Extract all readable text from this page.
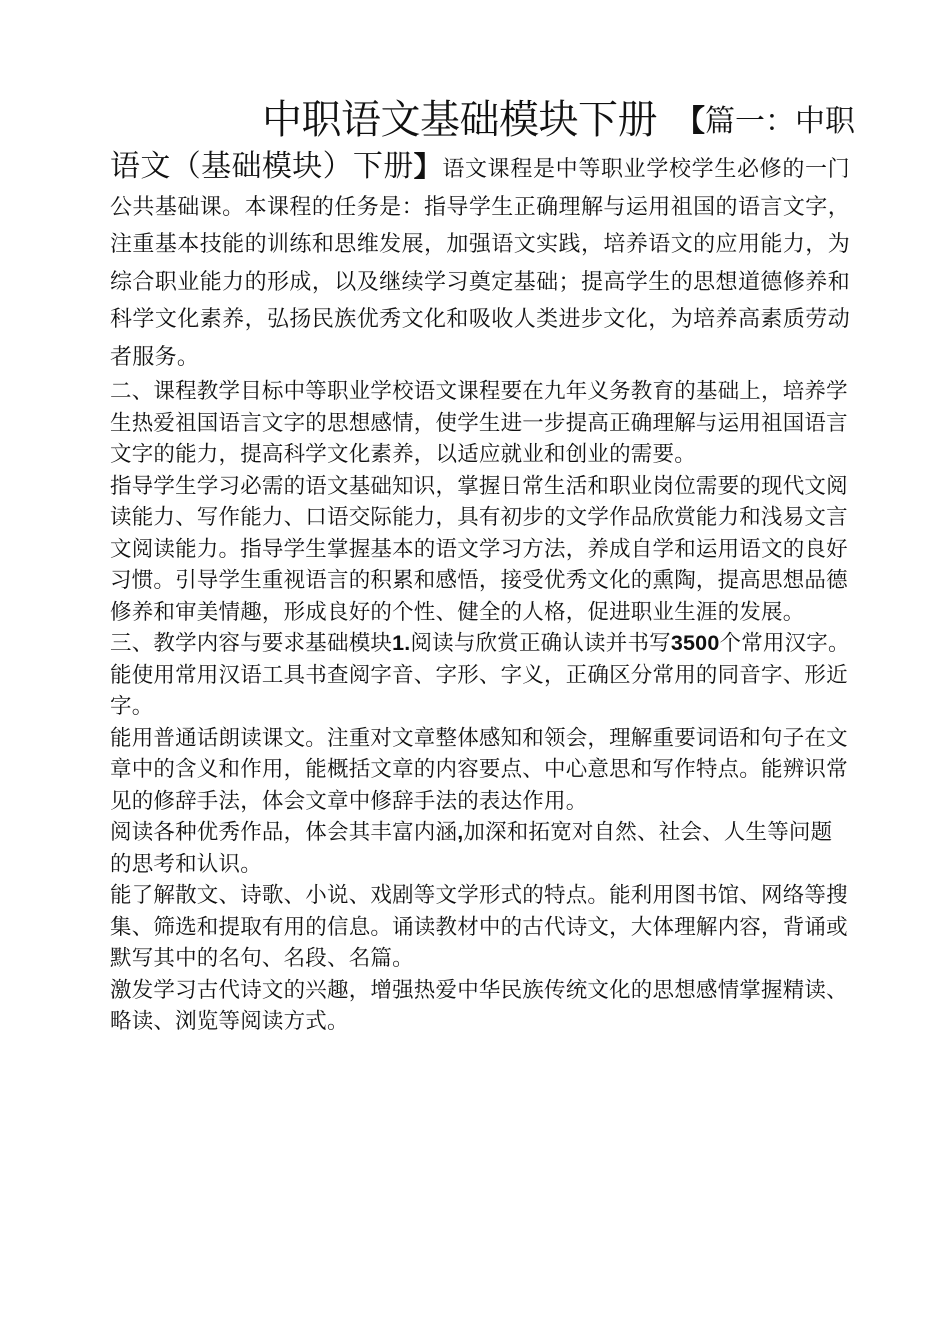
中职语文基础模块下册 【 篇一：中职
语文（基础模块）下册】语文课程是中等职业学校学生必修的一门公共基础课。本课程的任务是：指导学生正确理解与运用祖国的语言文字，注重基本技能的训练和思维发展，加强语文实践，培养语文的应用能力，为综合职业能力的形成，以及继续学习奠定基础；提高学生的思想道德修养和科学文化素养，弘扬民族优秀文化和吸收人类进步文化，为培养高素质劳动者服务。

二、课程教学目标中等职业学校语文课程要在九年义务教育的基础上，培养学生热爱祖国语言文字的思想感情，使学生进一步提高正确理解与运用祖国语言文字的能力，提高科学文化素养，以适应就业和创业的需要。

指导学生学习必需的语文基础知识，掌握日常生活和职业岗位需要的现代文阅读能力、写作能力、口语交际能力，具有初步的文学作品欣赏能力和浅易文言文阅读能力。指导学生掌握基本的语文学习方法，养成自学和运用语文的良好习惯。引导学生重视语言的积累和感悟，接受优秀文化的熏陶，提高思想品德修养和审美情趣，形成良好的个性、健全的人格，促进职业生涯的发展。

三、教学内容与要求基础模块1.阅读与欣赏正确认读并书写3500个常用汉字。

能使用常用汉语工具书查阅字音、字形、字义，正确区分常用的同音字、形近字。

能用普通话朗读课文。注重对文章整体感知和领会，理解重要词语和句子在文章中的含义和作用，能概括文章的内容要点、中心意思和写作特点。能辨识常见的修辞手法，体会文章中修辞手法的表达作用。

阅读各种优秀作品，体会其丰富内涵,加深和拓宽对自然、社会、人生等问题的思考和认识。

能了解散文、诗歌、小说、戏剧等文学形式的特点。能利用图书馆、网络等搜集、筛选和提取有用的信息。诵读教材中的古代诗文，大体理解内容，背诵或默写其中的名句、名段、名篇。

激发学习古代诗文的兴趣，增强热爱中华民族传统文化的思想感情掌握精读、略读、浏览等阅读方式。
